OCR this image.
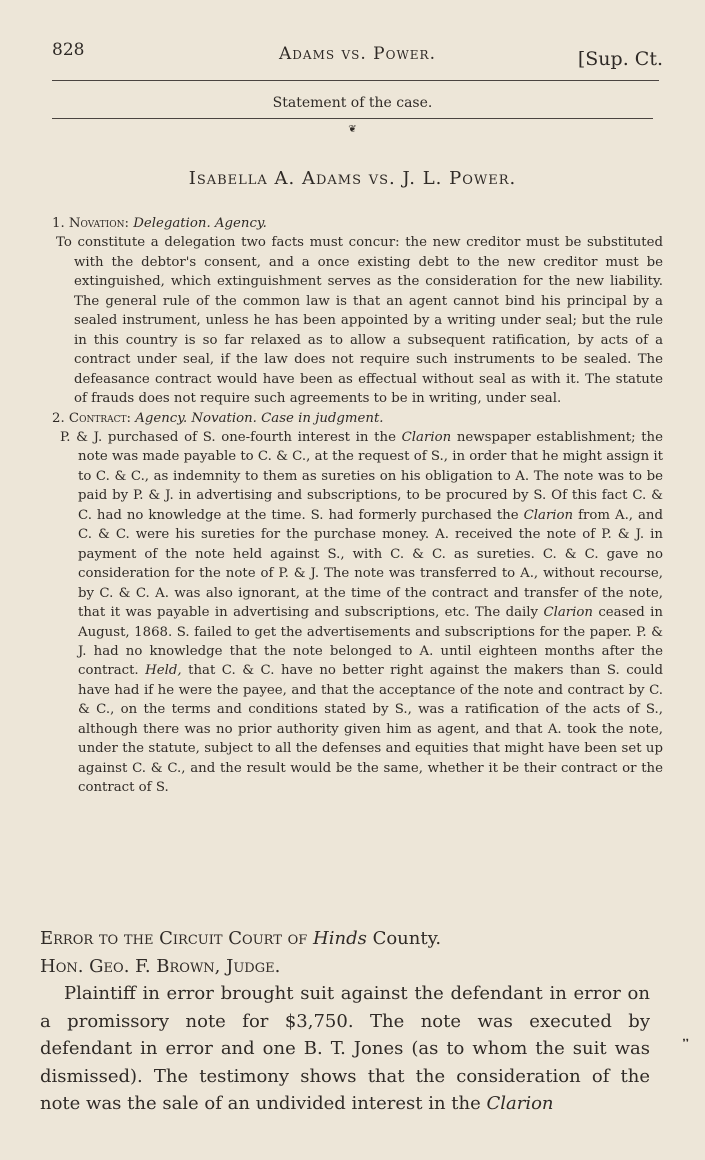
828	Adams vs. Power.	[Sup. Ct.
Statement of the case.
❦
Isabella A. Adams vs. J. L. Power.

1. Novation: Delegation. Agency.

To constitute a delegation two facts must concur: the new creditor must be substituted with the debtor's consent, and a once existing debt to the new creditor must be extinguished, which extinguishment serves as the consideration for the new liability. The general rule of the common law is that an agent cannot bind his principal by a sealed instrument, unless he has been appointed by a writing under seal; but the rule in this country is so far relaxed as to allow a subsequent ratification, by acts of a contract under seal, if the law does not require such instruments to be sealed. The defeasance contract would have been as effectual without seal as with it. The statute of frauds does not require such agreements to be in writing, under seal.

2. Contract: Agency. Novation. Case in judgment.

P. & J. purchased of S. one-fourth interest in the Clarion newspaper establishment; the note was made payable to C. & C., at the request of S., in order that he might assign it to C. & C., as indemnity to them as sureties on his obligation to A. The note was to be paid by P. & J. in advertising and subscriptions, to be procured by S. Of this fact C. & C. had no knowledge at the time. S. had formerly purchased the Clarion from A., and C. & C. were his sureties for the purchase money. A. received the note of P. & J. in payment of the note held against S., with C. & C. as sureties. C. & C. gave no consideration for the note of P. & J. The note was transferred to A., without recourse, by C. & C. A. was also ignorant, at the time of the contract and transfer of the note, that it was payable in advertising and subscriptions, etc. The daily Clarion ceased in August, 1868. S. failed to get the advertisements and subscriptions for the paper. P. & J. had no knowledge that the note belonged to A. until eighteen months after the contract. Held, that C. & C. have no better right against the makers than S. could have had if he were the payee, and that the acceptance of the note and contract by C. & C., on the terms and conditions stated by S., was a ratification of the acts of S., although there was no prior authority given him as agent, and that A. took the note, under the statute, subject to all the defenses and equities that might have been set up against C. & C., and the result would be the same, whether it be their contract or the contract of S.

Error to the Circuit Court of Hinds County.

Hon. Geo. F. Brown, Judge.

Plaintiff in error brought suit against the defendant in error on a promissory note for $3,750. The note was executed by defendant in error and one B. T. Jones (as to whom the suit was dismissed). The testimony shows that the consideration of the note was the sale of an undivided interest in the Clarion

❜❜
